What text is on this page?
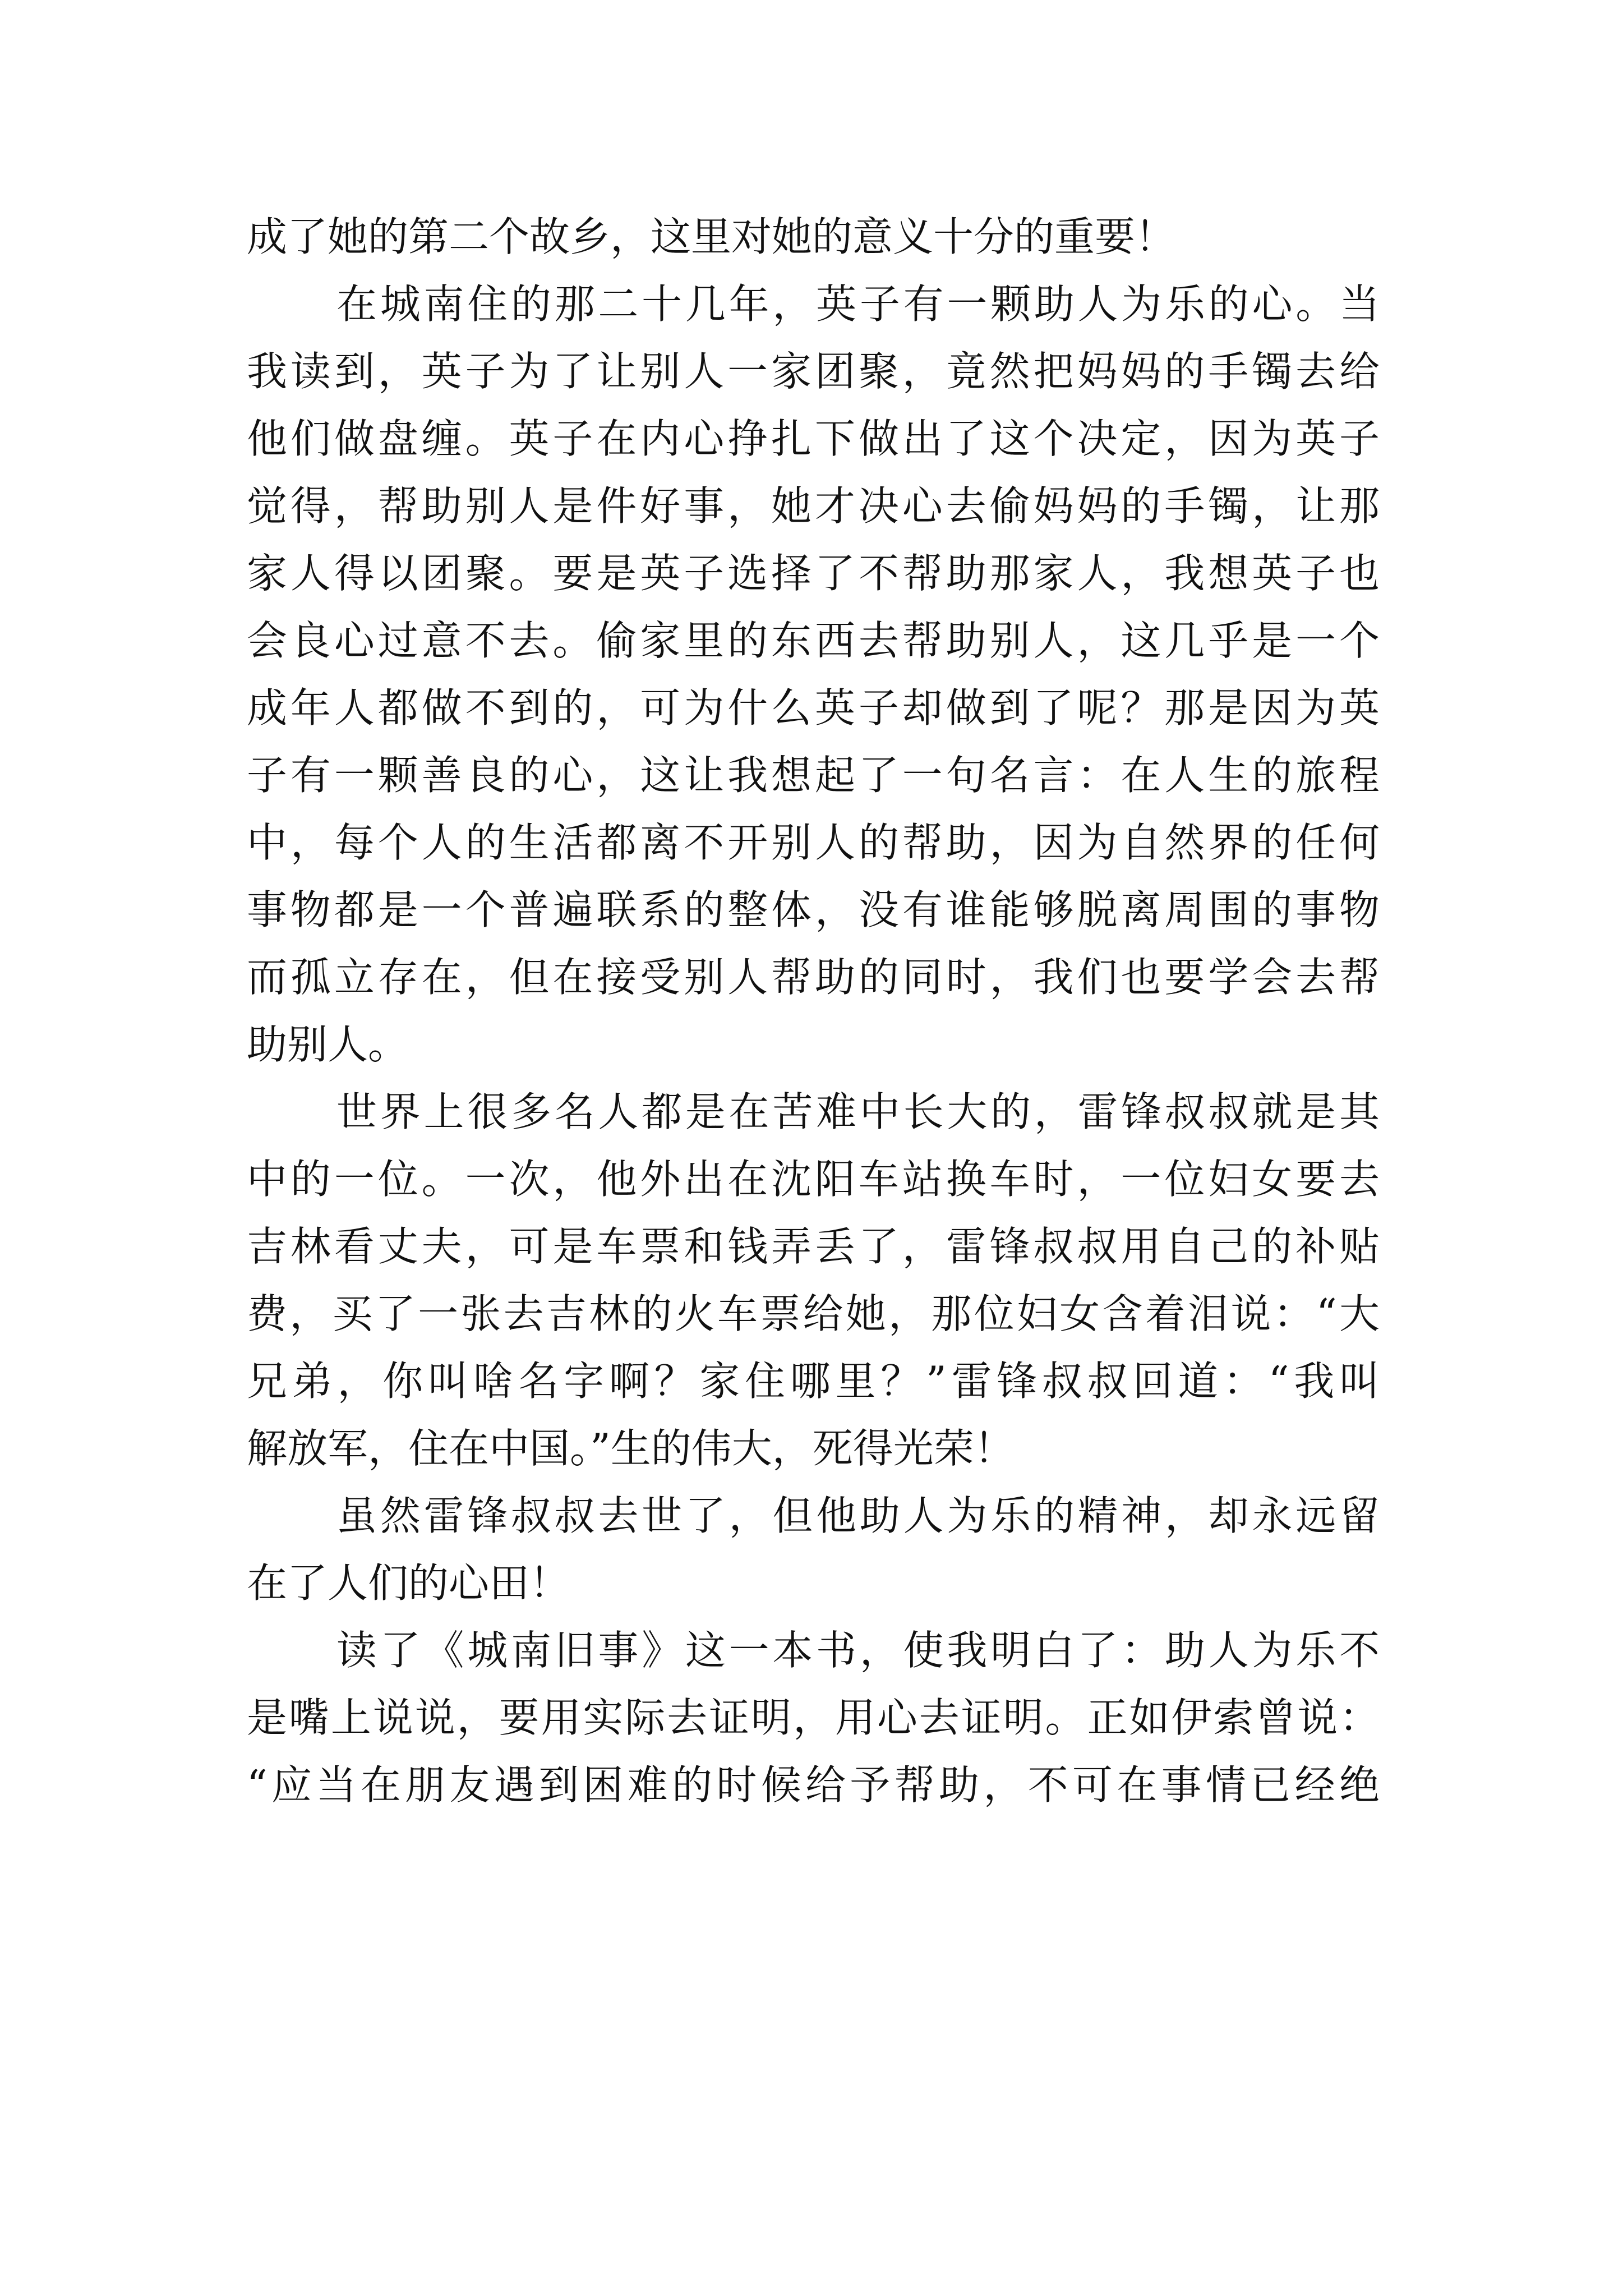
成了她的第二个故乡，这里对她的意义十分的重要！
在城南住的那二十几年，英子有一颗助人为乐的心。当
我读到，英子为了让别人一家团聚，竟然把妈妈的手镯去给
他们做盘缠。英子在内心挣扎下做出了这个决定，因为英子
觉得，帮助别人是件好事，她才决心去偷妈妈的手镯，让那
家人得以团聚。要是英子选择了不帮助那家人，我想英子也
会良心过意不去。偷家里的东西去帮助别人，这几乎是一个
成年人都做不到的，可为什么英子却做到了呢？那是因为英
子有一颗善良的心，这让我想起了一句名言：在人生的旅程
中，每个人的生活都离不开别人的帮助，因为自然界的任何
事物都是一个普遍联系的整体，没有谁能够脱离周围的事物
而孤立存在，但在接受别人帮助的同时，我们也要学会去帮
助别人。
世界上很多名人都是在苦难中长大的，雷锋叔叔就是其
中的一位。一次，他外出在沈阳车站换车时，一位妇女要去
吉林看丈夫，可是车票和钱弄丢了，雷锋叔叔用自己的补贴
费，买了一张去吉林的火车票给她，那位妇女含着泪说：“大
兄弟，你叫啥名字啊？家住哪里？”雷锋叔叔回道：“我叫
解放军，住在中国。”生的伟大，死得光荣！
虽然雷锋叔叔去世了，但他助人为乐的精神，却永远留
在了人们的心田！
读了《城南旧事》这一本书，使我明白了：助人为乐不
是嘴上说说，要用实际去证明，用心去证明。正如伊索曾说：
“应当在朋友遇到困难的时候给予帮助，不可在事情已经绝
